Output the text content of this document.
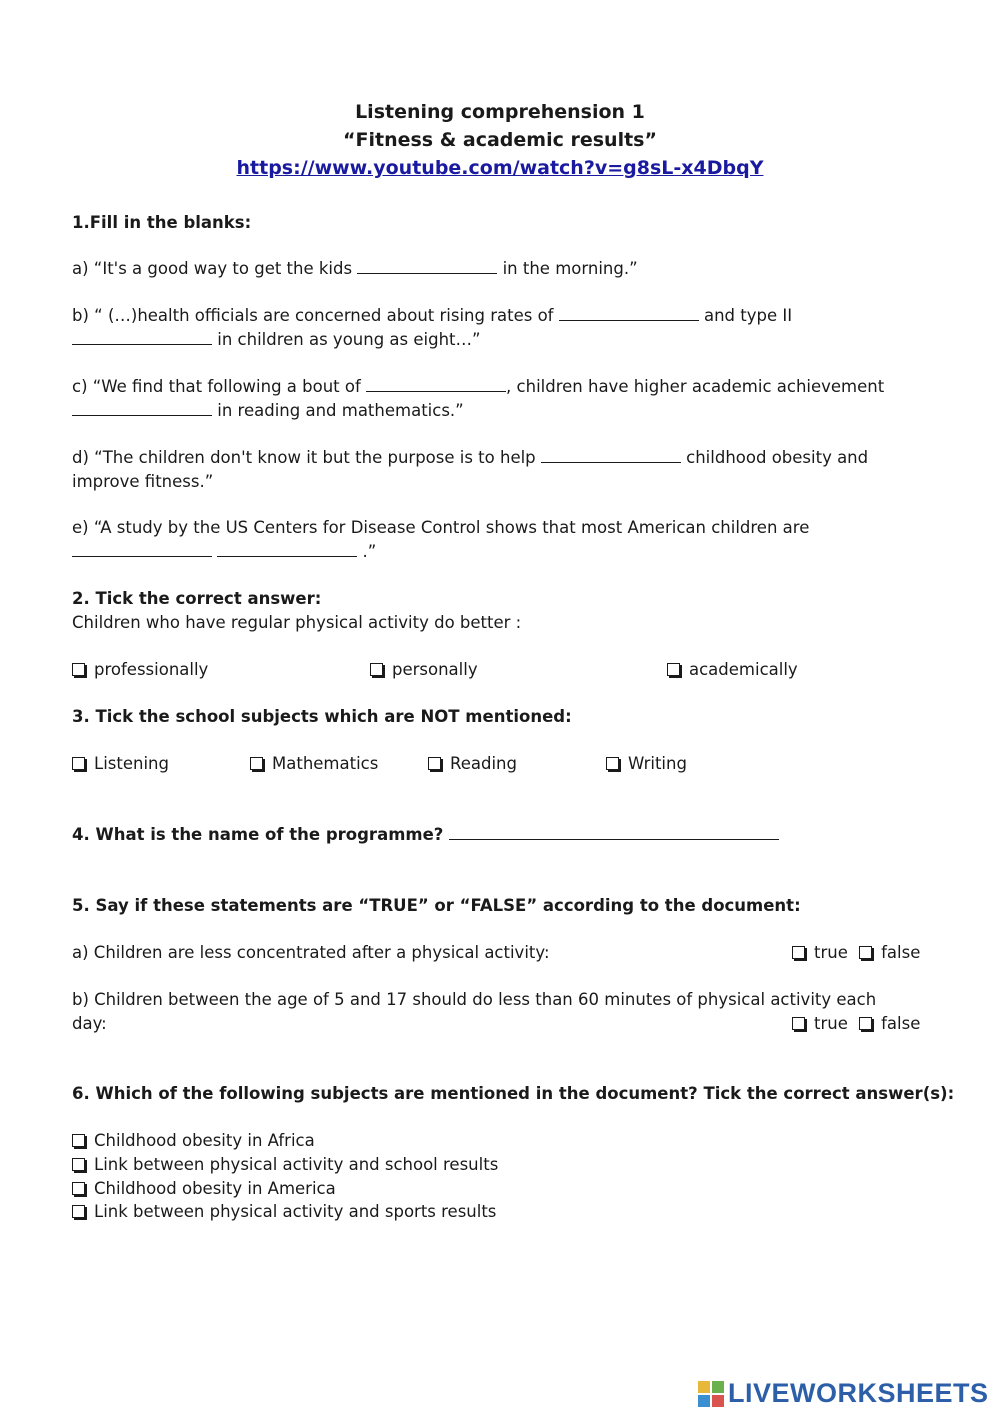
Listening comprehension 1
“Fitness & academic results”
https://www.youtube.com/watch?v=g8sL-x4DbqY
1.Fill in the blanks:
a) “It's a good way to get the kids	in the morning.”
b) “ (…)health officials are concerned about rising rates of	and type II
in children as young as eight…”
c) “We find that following a bout of	, children have higher academic achievement
in reading and mathematics.”
d) “The children don't know it but the purpose is to help	childhood obesity and
improve fitness.”
e) “A study by the US Centers for Disease Control shows that most American children are
.”
2. Tick the correct answer:
Children who have regular physical activity do better :
professionally	personally	academically
3. Tick the school subjects which are NOT mentioned:
Listening	Mathematics	Reading	Writing
4. What is the name of the programme?
5. Say if these statements are “TRUE” or “FALSE” according to the document:
a) Children are less concentrated after a physical activity:	true false
b) Children between the age of 5 and 17 should do less than 60 minutes of physical activity each
day:	true false
6. Which of the following subjects are mentioned in the document? Tick the correct answer(s):
Childhood obesity in Africa
Link between physical activity and school results
Childhood obesity in America
Link between physical activity and sports results
LIVEWORKSHEETS
